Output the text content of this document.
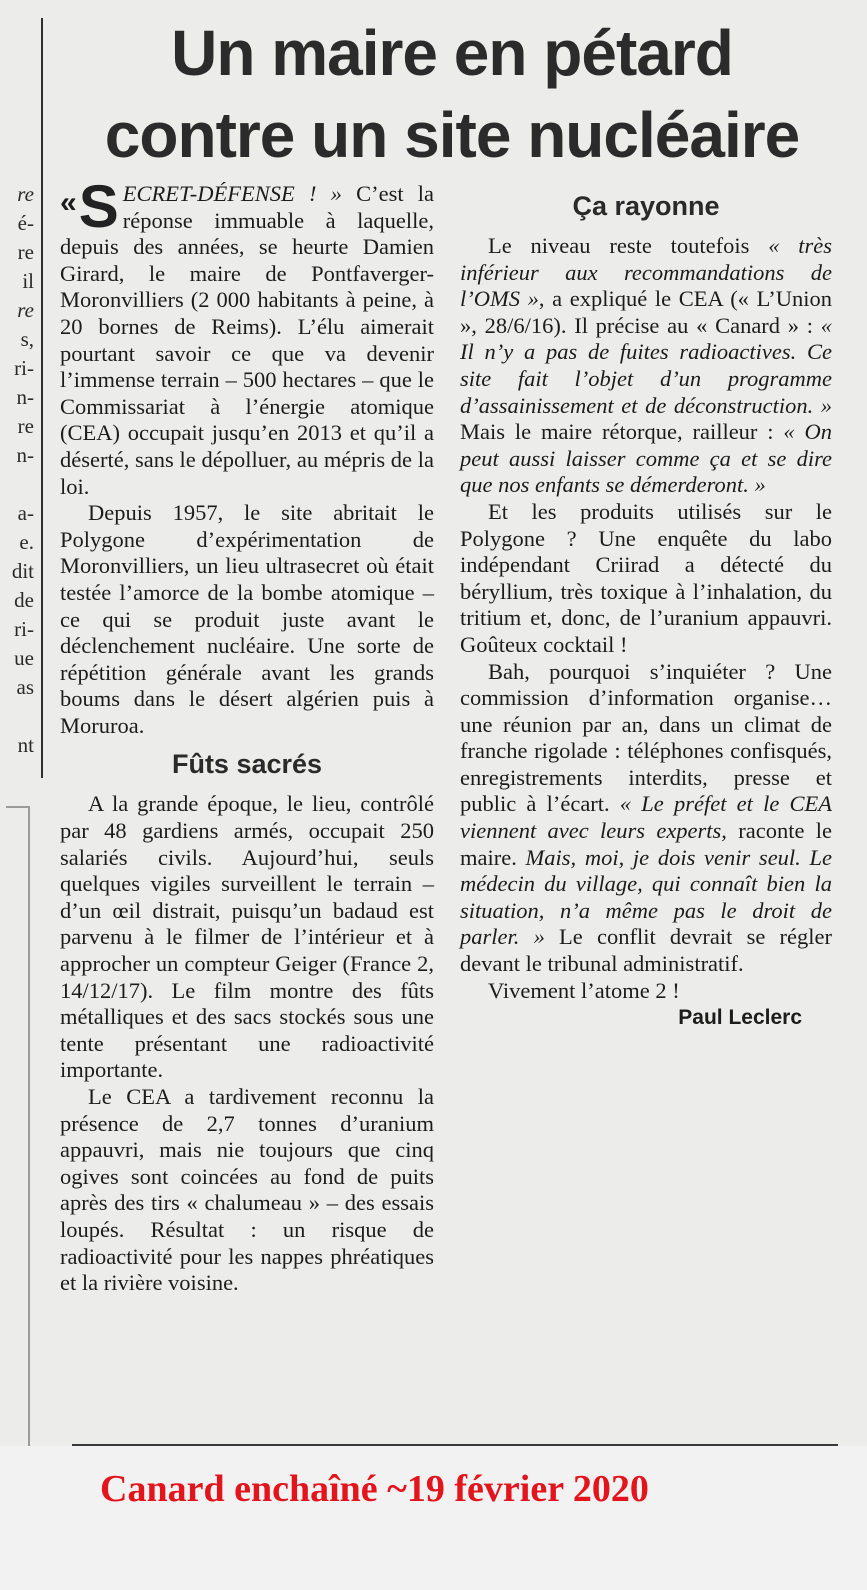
re
é-
re
il
re
s,
ri-
n-
re
n-
a-
e.
dit
de
ri-
ue
as
nt
Un maire en pétard
contre un site nucléaire

« S ECRET-DÉFENSE ! » C’est la réponse immuable à laquelle, depuis des années, se heurte Damien Girard, le maire de Pontfaverger-Moronvilliers (2 000 habitants à peine, à 20 bornes de Reims). L’élu aimerait pourtant savoir ce que va devenir l’immense terrain – 500 hectares – que le Commissariat à l’énergie atomique (CEA) occupait jusqu’en 2013 et qu’il a déserté, sans le dépolluer, au mépris de la loi.

Depuis 1957, le site abritait le Polygone d’expérimentation de Moronvilliers, un lieu ultrasecret où était testée l’amorce de la bombe atomique – ce qui se produit juste avant le déclenchement nucléaire. Une sorte de répétition générale avant les grands boums dans le désert algérien puis à Moruroa.

Fûts sacrés

A la grande époque, le lieu, contrôlé par 48 gardiens armés, occupait 250 salariés civils. Aujourd’hui, seuls quelques vigiles surveillent le terrain – d’un œil distrait, puisqu’un badaud est parvenu à le filmer de l’intérieur et à approcher un compteur Geiger (France 2, 14/12/17). Le film montre des fûts métalliques et des sacs stockés sous une tente présentant une radioactivité importante.

Le CEA a tardivement reconnu la présence de 2,7 tonnes d’uranium appauvri, mais nie toujours que cinq ogives sont coincées au fond de puits après des tirs « chalumeau » – des essais loupés. Résultat : un risque de radioactivité pour les nappes phréatiques et la rivière voisine.

Ça rayonne

Le niveau reste toutefois « très inférieur aux recommandations de l’OMS », a expliqué le CEA (« L’Union », 28/6/16). Il précise au « Canard » : « Il n’y a pas de fuites radioactives. Ce site fait l’objet d’un programme d’assainissement et de déconstruction. » Mais le maire rétorque, railleur : « On peut aussi laisser comme ça et se dire que nos enfants se démerderont. »

Et les produits utilisés sur le Polygone ? Une enquête du labo indépendant Criirad a détecté du béryllium, très toxique à l’inhalation, du tritium et, donc, de l’uranium appauvri. Goûteux cocktail !

Bah, pourquoi s’inquiéter ? Une commission d’information organise… une réunion par an, dans un climat de franche rigolade : téléphones confisqués, enregistrements interdits, presse et public à l’écart. « Le préfet et le CEA viennent avec leurs experts, raconte le maire. Mais, moi, je dois venir seul. Le médecin du village, qui connaît bien la situation, n’a même pas le droit de parler. » Le conflit devrait se régler devant le tribunal administratif.

Vivement l’atome 2 !

Paul Leclerc

Canard enchaîné ~19 février 2020
